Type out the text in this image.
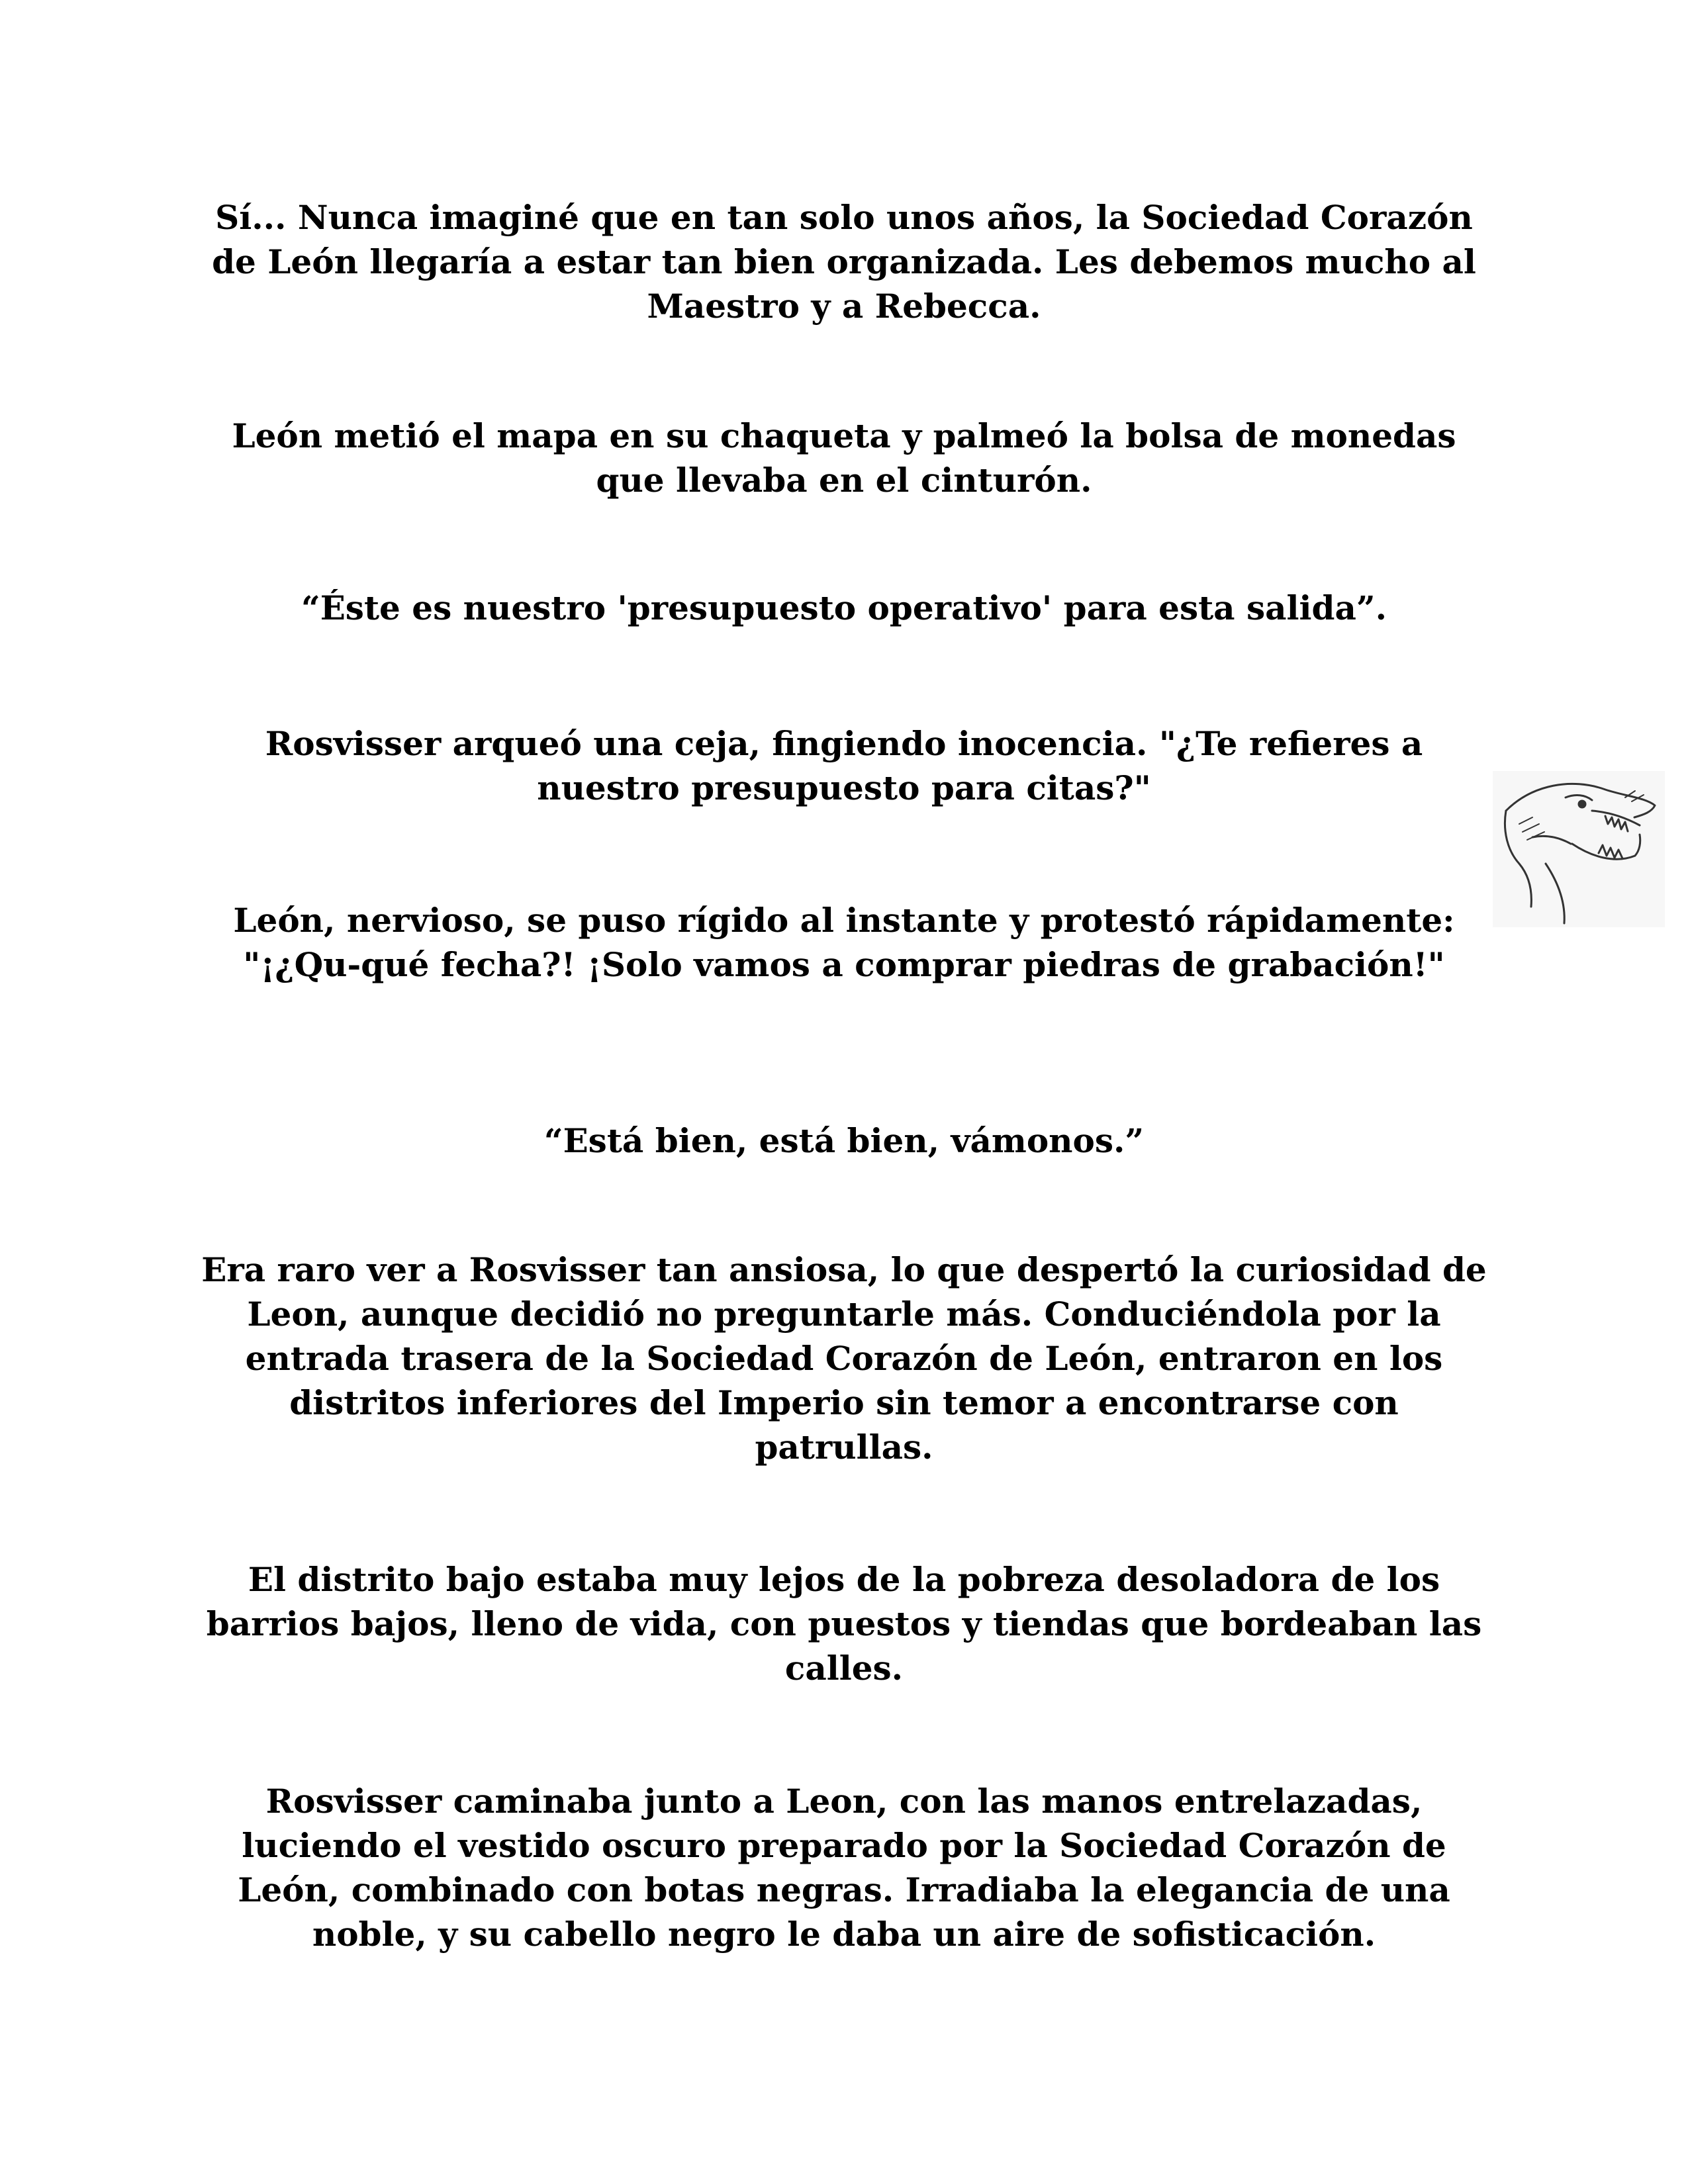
Sí... Nunca imaginé que en tan solo unos años, la Sociedad Corazón de León llegaría a estar tan bien organizada. Les debemos mucho al Maestro y a Rebecca.

León metió el mapa en su chaqueta y palmeó la bolsa de monedas que llevaba en el cinturón.

“Éste es nuestro 'presupuesto operativo' para esta salida”.

Rosvisser arqueó una ceja, fingiendo inocencia. "¿Te refieres a nuestro presupuesto para citas?"

León, nervioso, se puso rígido al instante y protestó rápidamente: "¡¿Qu-qué fecha?! ¡Solo vamos a comprar piedras de grabación!"

“Está bien, está bien, vámonos.”

Era raro ver a Rosvisser tan ansiosa, lo que despertó la curiosidad de Leon, aunque decidió no preguntarle más. Conduciéndola por la entrada trasera de la Sociedad Corazón de León, entraron en los distritos inferiores del Imperio sin temor a encontrarse con patrullas.

El distrito bajo estaba muy lejos de la pobreza desoladora de los barrios bajos, lleno de vida, con puestos y tiendas que bordeaban las calles.

Rosvisser caminaba junto a Leon, con las manos entrelazadas, luciendo el vestido oscuro preparado por la Sociedad Corazón de León, combinado con botas negras. Irradiaba la elegancia de una noble, y su cabello negro le daba un aire de sofisticación.
